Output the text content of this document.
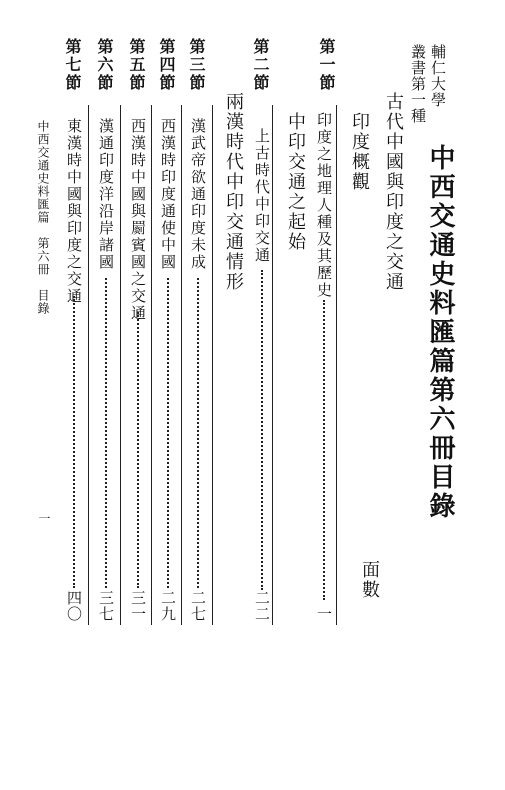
輔仁大學
叢書第一種
中西交通史料匯篇第六冊目錄
面數
古代中國與印度之交通
第一節
印度概觀
印度之地理人種及其歷史
一
第二節
中印交通之起始
上古時代中印交通
二二
兩漢時代中印交通情形
第三節
漢武帝欲通印度未成
二七
第四節
西漢時印度通使中國
二九
第五節
西漢時中國與罽賓國之交通
三一
第六節
漢通印度洋沿岸諸國
三七
第七節
東漢時中國與印度之交通
四〇
中西交通史料匯篇　第六冊　目錄
一
